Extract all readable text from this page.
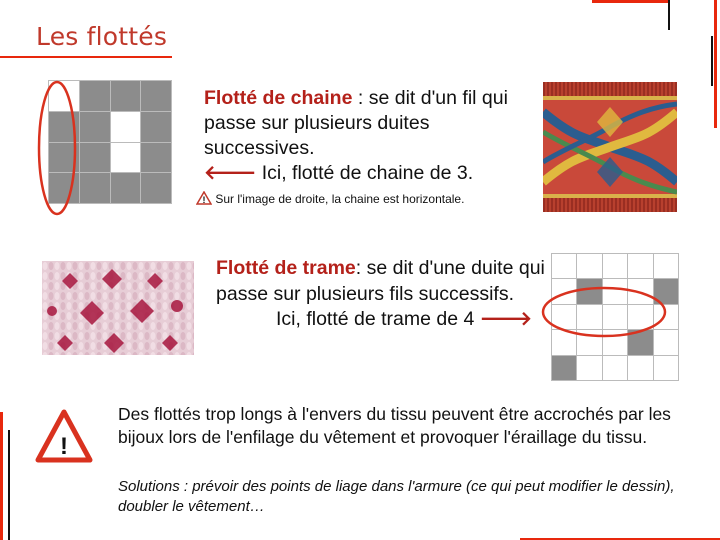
Les flottés
Flotté de chaine : se dit d'un fil qui passe sur plusieurs duites successives.
🡐 Ici, flotté de chaine de 3.
! Sur l'image de droite, la chaine est horizontale.
Flotté de trame: se dit d'une duite qui passe sur plusieurs fils successifs.
Ici, flotté de trame de 4 🡒
!
Des flottés trop longs à l'envers du tissu peuvent être accrochés par les bijoux lors de l'enfilage du vêtement et provoquer l'éraillage du tissu.
Solutions : prévoir des points de liage dans l'armure (ce qui peut modifier le dessin), doubler le vêtement…
